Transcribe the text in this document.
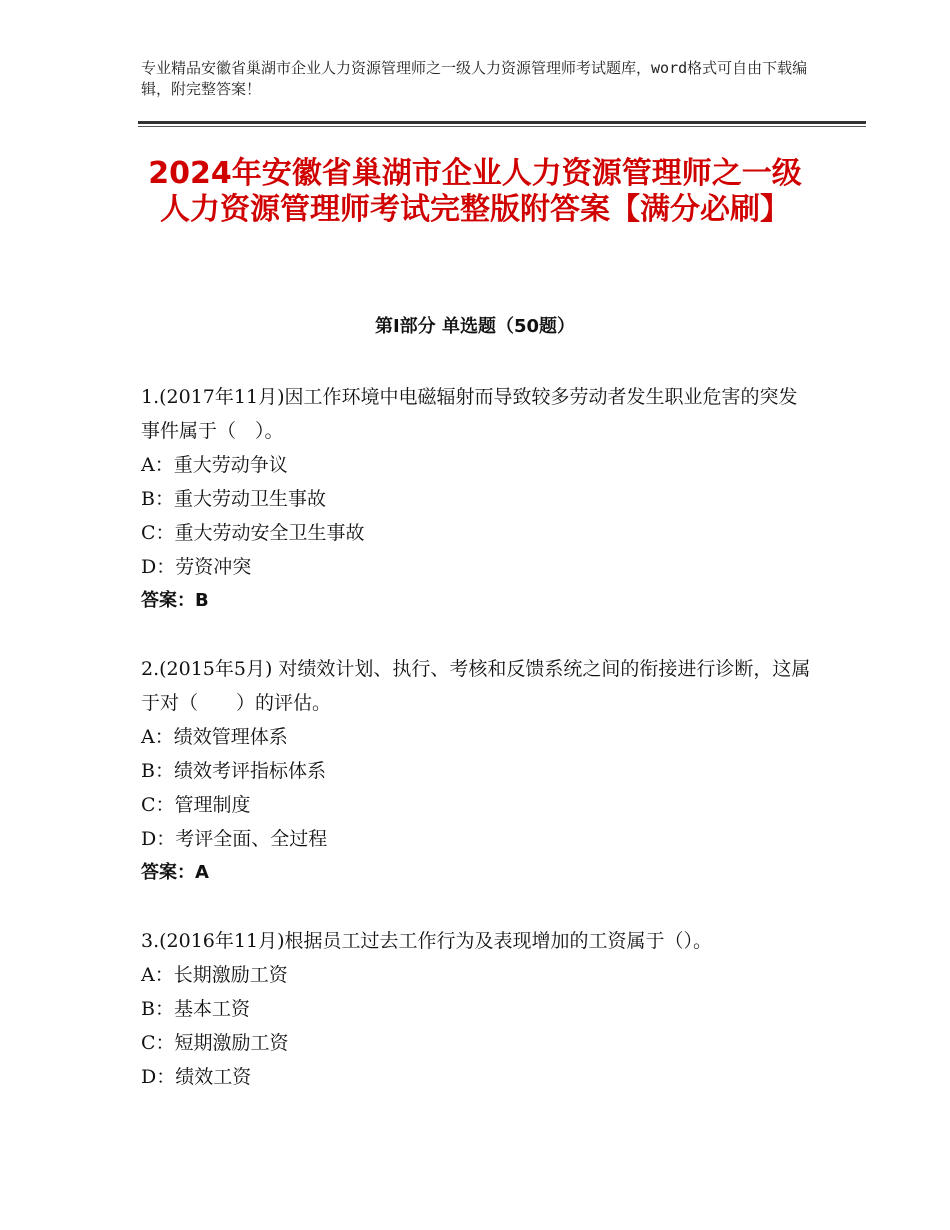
专业精品安徽省巢湖市企业人力资源管理师之一级人力资源管理师考试题库，word格式可自由下载编辑，附完整答案！
2024年安徽省巢湖市企业人力资源管理师之一级人力资源管理师考试完整版附答案【满分必刷】
第Ⅰ部分 单选题（50题）
1.(2017年11月)因工作环境中电磁辐射而导致较多劳动者发生职业危害的突发事件属于（　）。
A：重大劳动争议
B：重大劳动卫生事故
C：重大劳动安全卫生事故
D：劳资冲突
答案：B
2.(2015年5月) 对绩效计划、执行、考核和反馈系统之间的衔接进行诊断，这属于对（　　）的评估。
A：绩效管理体系
B：绩效考评指标体系
C：管理制度
D：考评全面、全过程
答案：A
3.(2016年11月)根据员工过去工作行为及表现增加的工资属于（）。
A：长期激励工资
B：基本工资
C：短期激励工资
D：绩效工资
